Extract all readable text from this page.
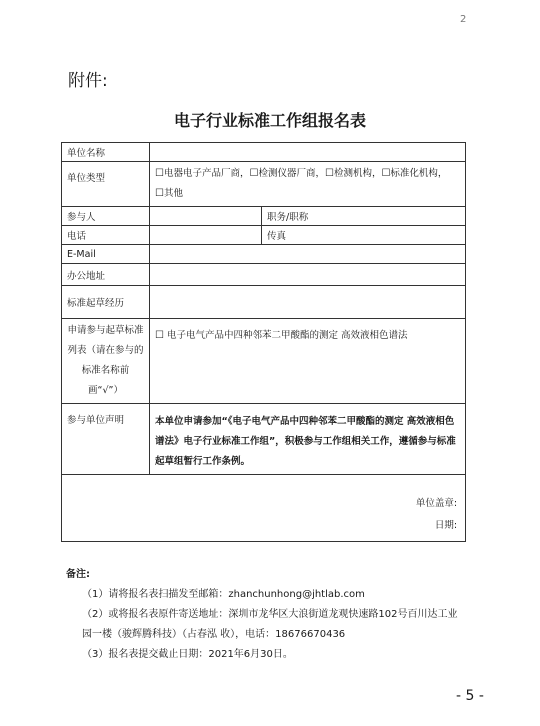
2
附件:
电子行业标准工作组报名表
单位名称		
单位类型	☐电器电子产品厂商，☐检测仪器厂商，☐检测机构，☐标准化机构，
☐其他	
参与人		职务/职称
电话		传真
E-Mail		
办公地址		
标准起草经历		
申请参与起草标准列表（请在参与的标准名称前画“√”）	☐ 电子电气产品中四种邻苯二甲酸酯的测定 高效液相色谱法	
参与单位声明	本单位申请参加“《电子电气产品中四种邻苯二甲酸酯的测定 高效液相色谱法》电子行业标准工作组”，积极参与工作组相关工作，遵循参与标准起草组暂行工作条例。	

单位盖章:
日期:		
备注:
（1）请将报名表扫描发至邮箱：zhanchunhong@jhtlab.com
（2）或将报名表原件寄送地址：深圳市龙华区大浪街道龙观快速路102号百川达工业园一楼（骏辉腾科技）（占春泓 收），电话：18676670436
（3）报名表提交截止日期：2021年6月30日。
- 5 -
